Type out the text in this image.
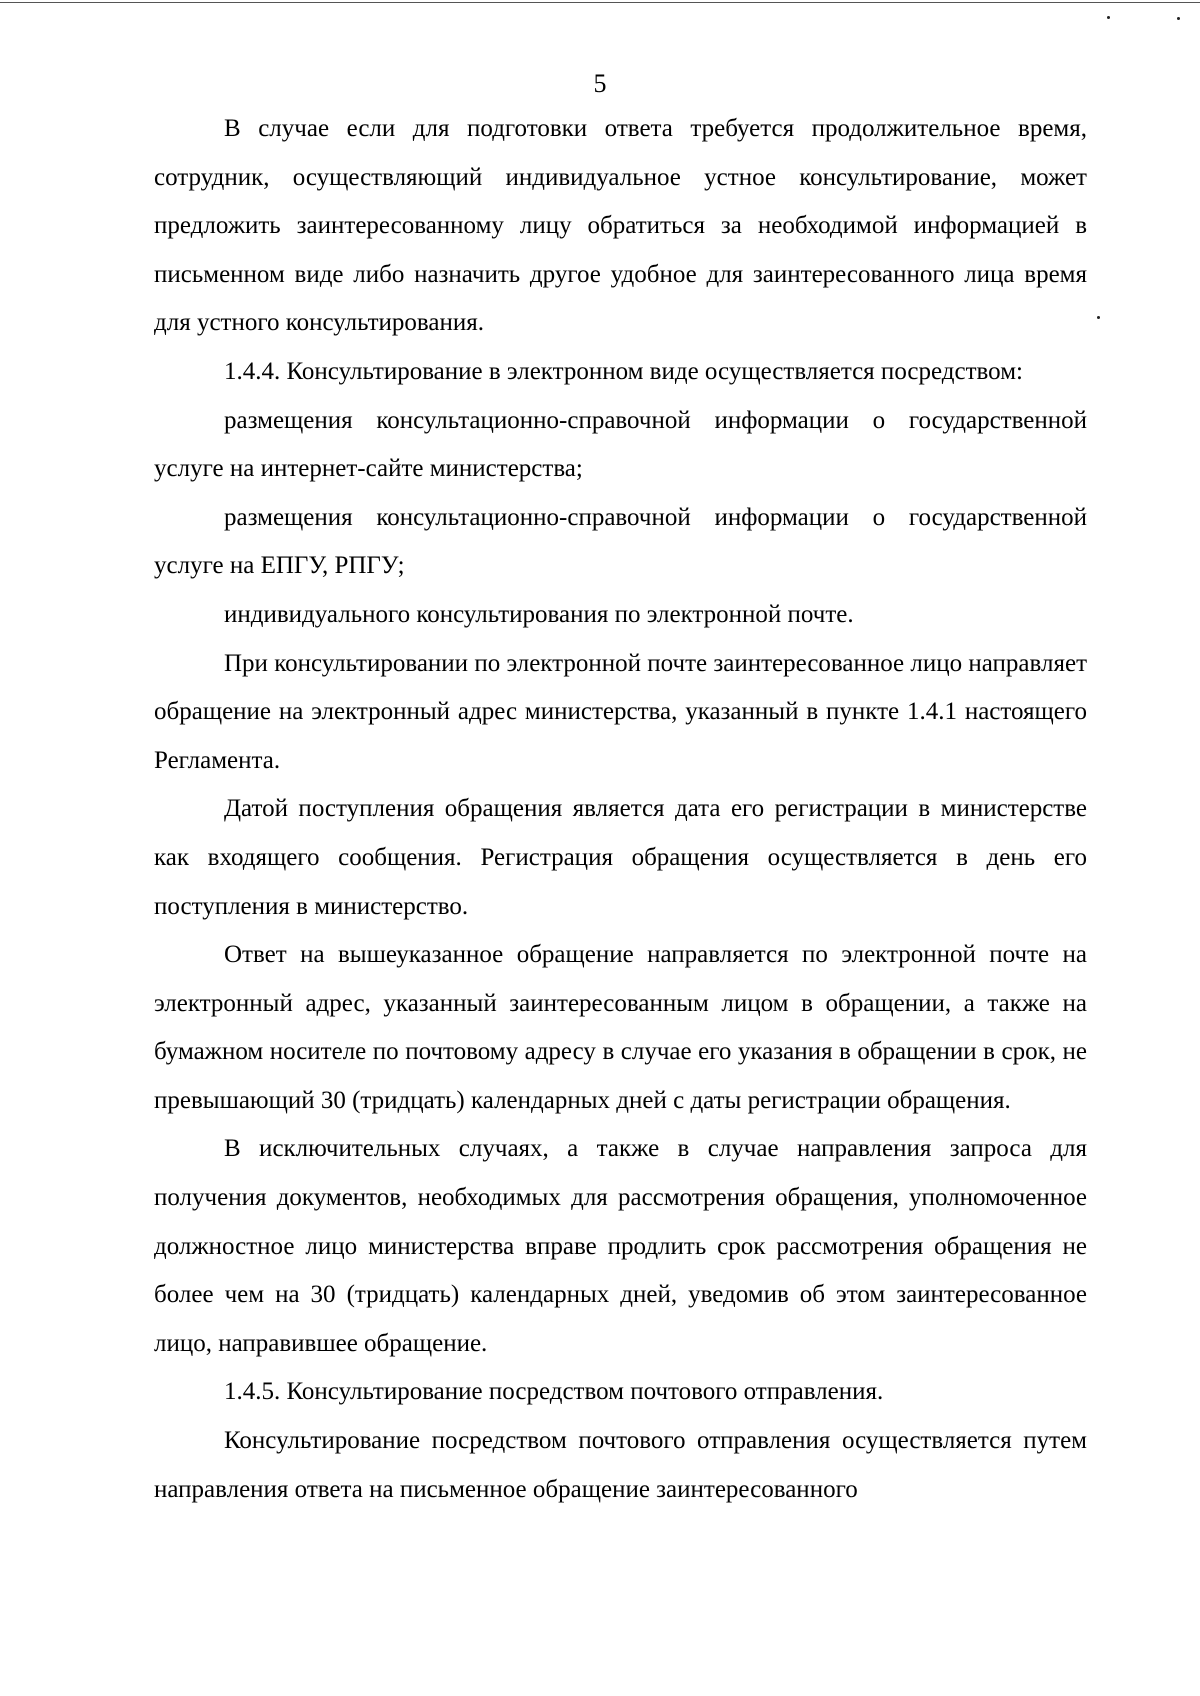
5

В случае если для подготовки ответа требуется продолжительное время, сотрудник, осуществляющий индивидуальное устное консультирование, может предложить заинтересованному лицу обратиться за необходимой информацией в письменном виде либо назначить другое удобное для заинтересованного лица время для устного консультирования.

1.4.4. Консультирование в электронном виде осуществляется посредством:

размещения консультационно-справочной информации о государственной услуге на интернет-сайте министерства;

размещения консультационно-справочной информации о государственной услуге на ЕПГУ, РПГУ;

индивидуального консультирования по электронной почте.

При консультировании по электронной почте заинтересованное лицо направляет обращение на электронный адрес министерства, указанный в пункте 1.4.1 настоящего Регламента.

Датой поступления обращения является дата его регистрации в министерстве как входящего сообщения. Регистрация обращения осуществляется в день его поступления в министерство.

Ответ на вышеуказанное обращение направляется по электронной почте на электронный адрес, указанный заинтересованным лицом в обращении, а также на бумажном носителе по почтовому адресу в случае его указания в обращении в срок, не превышающий 30 (тридцать) календарных дней с даты регистрации обращения.

В исключительных случаях, а также в случае направления запроса для получения документов, необходимых для рассмотрения обращения, уполномоченное должностное лицо министерства вправе продлить срок рассмотрения обращения не более чем на 30 (тридцать) календарных дней, уведомив об этом заинтересованное лицо, направившее обращение.

1.4.5. Консультирование посредством почтового отправления.

Консультирование посредством почтового отправления осуществляется путем направления ответа на письменное обращение заинтересованного
